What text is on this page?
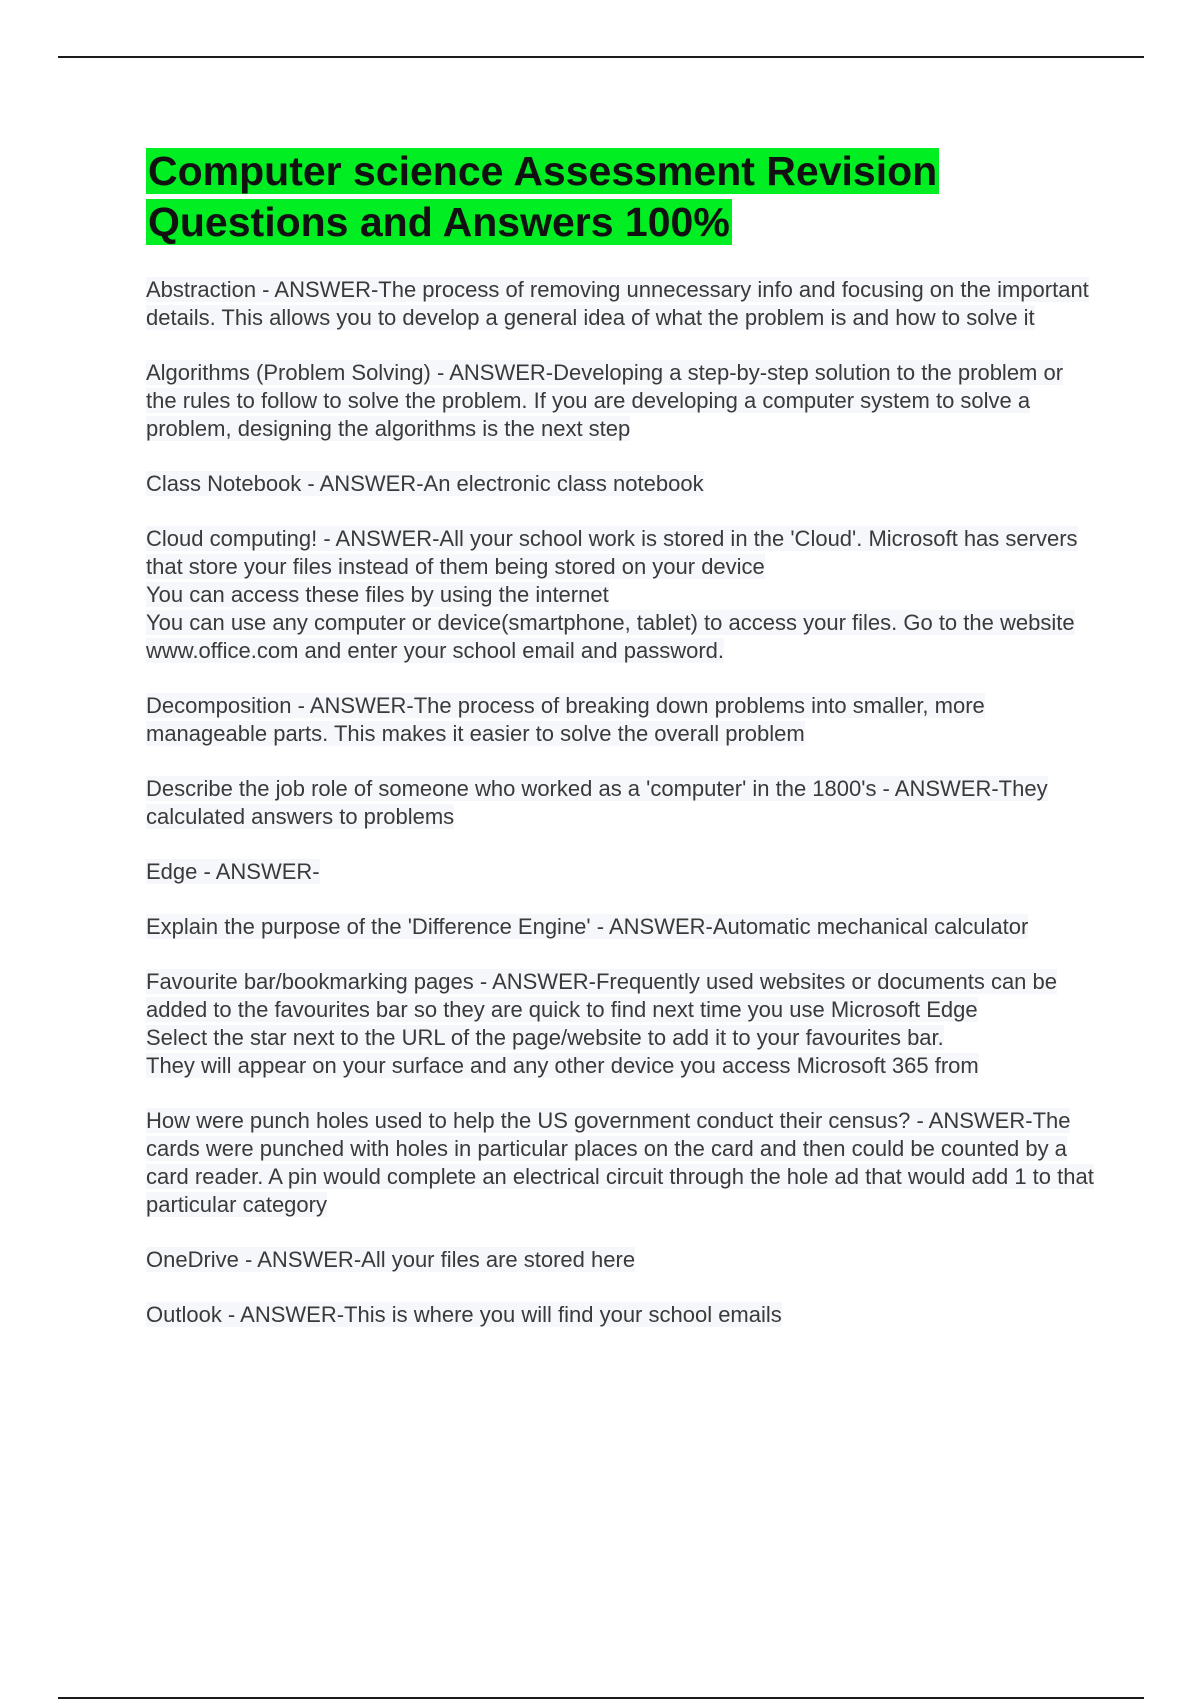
Computer science Assessment Revision Questions and Answers 100%
Abstraction - ANSWER-The process of removing unnecessary info and focusing on the important details. This allows you to develop a general idea of what the problem is and how to solve it
Algorithms (Problem Solving) - ANSWER-Developing a step-by-step solution to the problem or the rules to follow to solve the problem. If you are developing a computer system to solve a problem, designing the algorithms is the next step
Class Notebook - ANSWER-An electronic class notebook
Cloud computing! - ANSWER-All your school work is stored in the 'Cloud'. Microsoft has servers that store your files instead of them being stored on your device
You can access these files by using the internet
You can use any computer or device(smartphone, tablet) to access your files. Go to the website www.office.com and enter your school email and password.
Decomposition - ANSWER-The process of breaking down problems into smaller, more manageable parts. This makes it easier to solve the overall problem
Describe the job role of someone who worked as a 'computer' in the 1800's - ANSWER-They calculated answers to problems
Edge - ANSWER-
Explain the purpose of the 'Difference Engine' - ANSWER-Automatic mechanical calculator
Favourite bar/bookmarking pages - ANSWER-Frequently used websites or documents can be added to the favourites bar so they are quick to find next time you use Microsoft Edge
Select the star next to the URL of the page/website to add it to your favourites bar.
They will appear on your surface and any other device you access Microsoft 365 from
How were punch holes used to help the US government conduct their census? - ANSWER-The cards were punched with holes in particular places on the card and then could be counted by a card reader. A pin would complete an electrical circuit through the hole ad that would add 1 to that particular category
OneDrive - ANSWER-All your files are stored here
Outlook - ANSWER-This is where you will find your school emails
